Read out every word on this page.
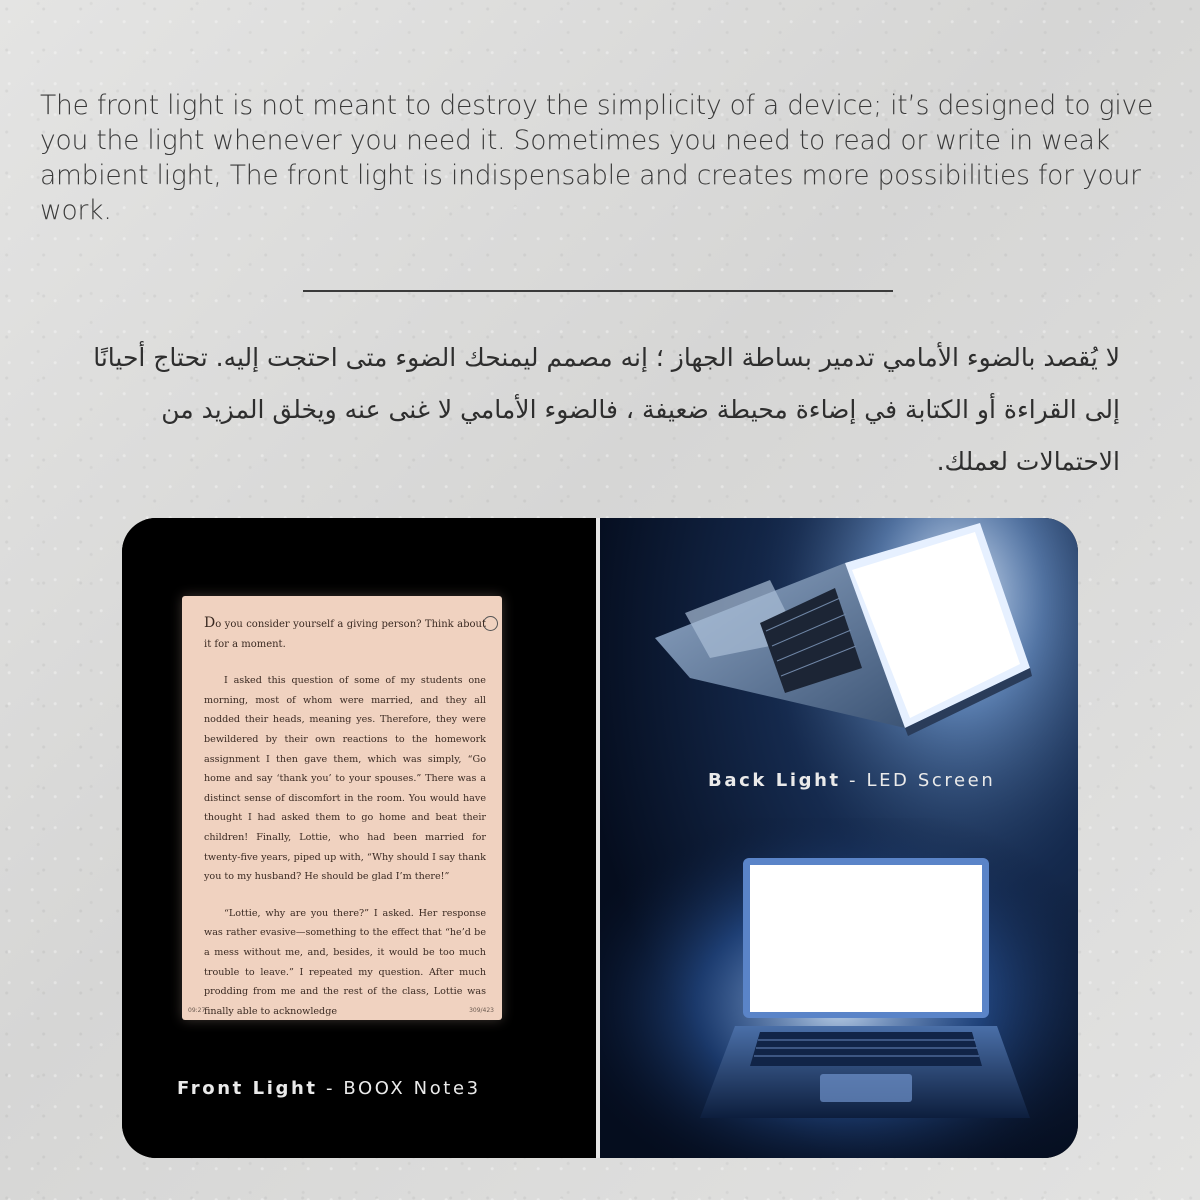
The front light is not meant to destroy the simplicity of a device; it’s designed to give you the light whenever you need it. Sometimes you need to read or write in weak ambient light, The front light is indispensable and creates more possibilities for your work.

لا يُقصد بالضوء الأمامي تدمير بساطة الجهاز ؛ إنه مصمم ليمنحك الضوء متى احتجت إليه. تحتاج أحيانًا إلى القراءة أو الكتابة في إضاءة محيطة ضعيفة ، فالضوء الأمامي لا غنى عنه ويخلق المزيد من الاحتمالات لعملك.

Do you consider yourself a giving person? Think about it for a moment.

I asked this question of some of my students one morning, most of whom were married, and they all nodded their heads, meaning yes. Therefore, they were bewildered by their own reactions to the homework assignment I then gave them, which was simply, “Go home and say ‘thank you’ to your spouses.” There was a distinct sense of discomfort in the room. You would have thought I had asked them to go home and beat their children! Finally, Lottie, who had been married for twenty-five years, piped up with, “Why should I say thank you to my husband? He should be glad I’m there!”

“Lottie, why are you there?” I asked. Her response was rather evasive—something to the effect that “he’d be a mess without me, and, besides, it would be too much trouble to leave.” I repeated my question. After much prodding from me and the rest of the class, Lottie was finally able to acknowledge

09:27	309/423
Front Light - BOOX Note3
Back Light - LED Screen
